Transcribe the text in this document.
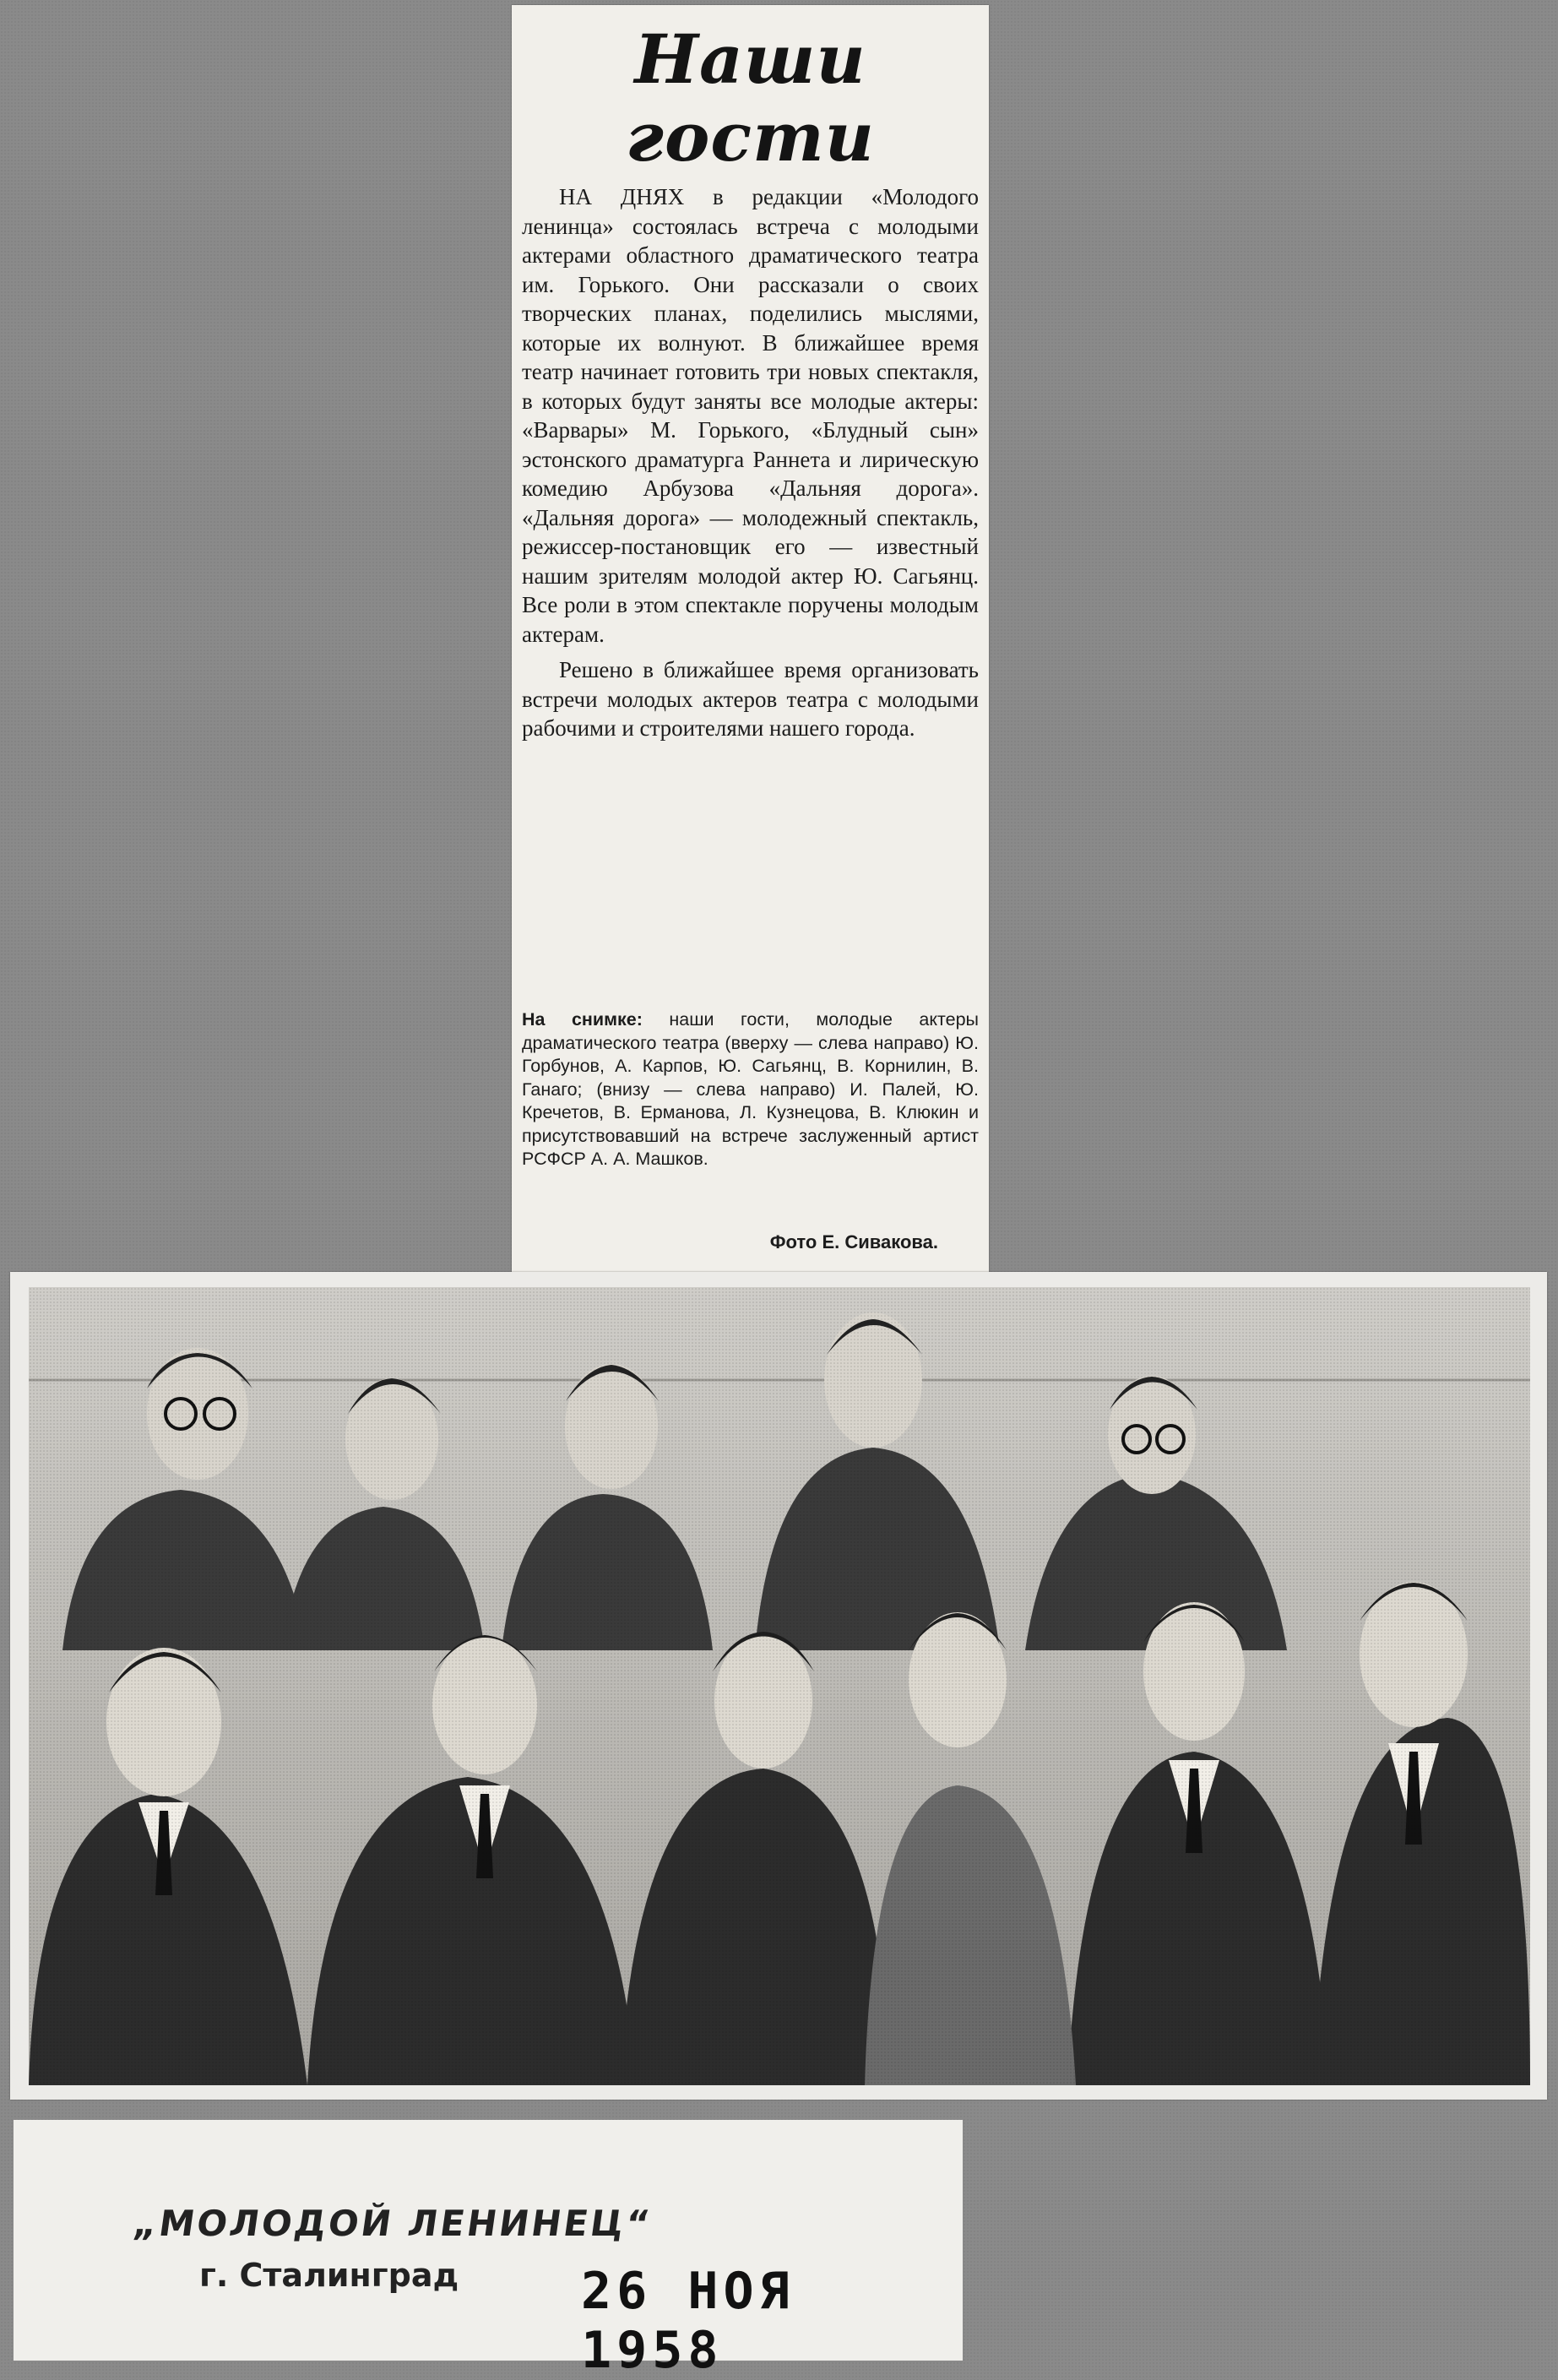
Наши
гости

НА ДНЯХ в редакции «Молодого ленинца» состоялась встреча с молодыми актерами областного драматического театра им. Горького. Они рассказали о своих творческих планах, поделились мыслями, которые их волнуют. В ближайшее время театр начинает готовить три новых спектакля, в которых будут заняты все молодые актеры: «Варвары» М. Горького, «Блудный сын» эстонского драматурга Раннета и лирическую комедию Арбузова «Дальняя дорога». «Дальняя дорога» — молодежный спектакль, режиссер-постановщик его — известный нашим зрителям молодой актер Ю. Сагьянц. Все роли в этом спектакле поручены молодым актерам.

Решено в ближайшее время организовать встречи молодых актеров театра с молодыми рабочими и строителями нашего города.

На снимке: наши гости, молодые актеры драматического театра (вверху — слева направо) Ю. Горбунов, А. Карпов, Ю. Сагьянц, В. Корнилин, В. Ганаго; (внизу — слева направо) И. Палей, Ю. Кречетов, В. Ерманова, Л. Кузнецова, В. Клюкин и присутствовавший на встрече заслуженный артист РСФСР А. А. Машков.
Фото Е. Сивакова.
„МОЛОДОЙ ЛЕНИНЕЦ“
г. Сталинград 26 НОЯ 1958
